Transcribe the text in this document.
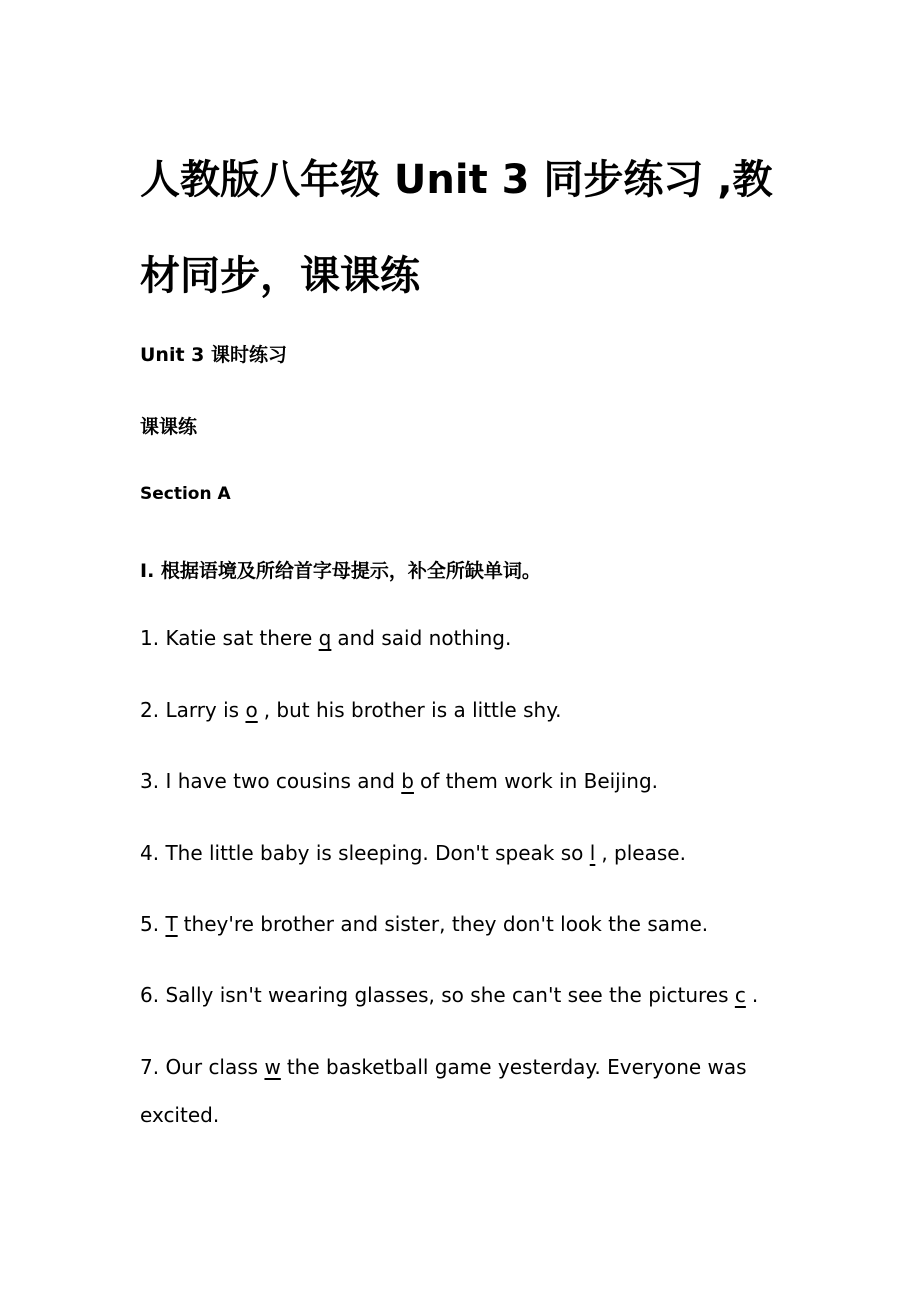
人教版八年级 Unit 3 同步练习 ,教材同步，课课练

Unit 3 课时练习

课课练

Section A

Ⅰ. 根据语境及所给首字母提示，补全所缺单词。

1. Katie sat there q and said nothing.

2. Larry is o , but his brother is a little shy.

3. I have two cousins and b of them work in Beijing.

4. The little baby is sleeping. Don't speak so l , please.

5. T they're brother and sister, they don't look the same.

6. Sally isn't wearing glasses, so she can't see the pictures c .

7. Our class w the basketball game yesterday. Everyone was excited.
